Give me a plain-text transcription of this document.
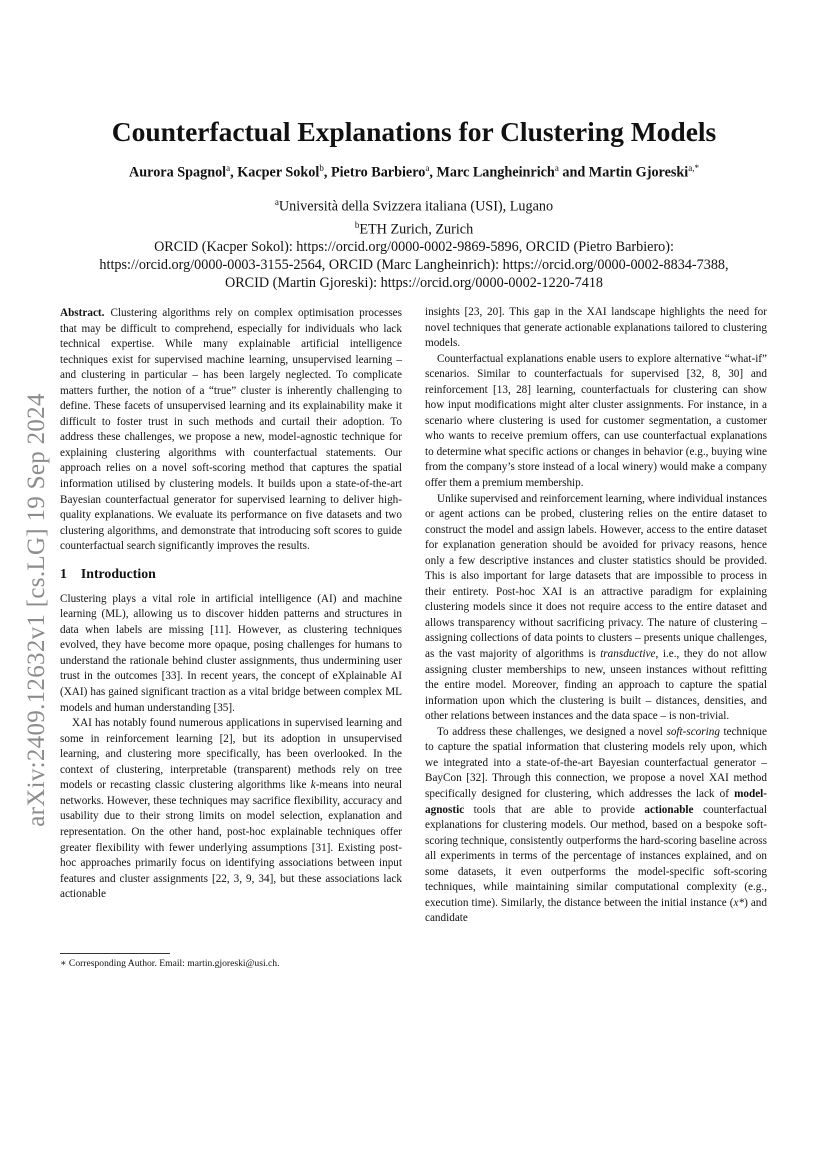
arXiv:2409.12632v1 [cs.LG] 19 Sep 2024
Counterfactual Explanations for Clustering Models
Aurora Spagnol$^a$, Kacper Sokol$^b$, Pietro Barbiero$^a$, Marc Langheinrich$^a$ and Martin Gjoreski$^{a,*}$
$^a$Università della Svizzera italiana (USI), Lugano
$^b$ETH Zurich, Zurich
ORCID (Kacper Sokol): https://orcid.org/0000-0002-9869-5896, ORCID (Pietro Barbiero):
https://orcid.org/0000-0003-3155-2564, ORCID (Marc Langheinrich): https://orcid.org/0000-0002-8834-7388,
ORCID (Martin Gjoreski): https://orcid.org/0000-0002-1220-7418

Abstract. Clustering algorithms rely on complex optimisation processes that may be difficult to comprehend, especially for individuals who lack technical expertise. While many explainable artificial intelligence techniques exist for supervised machine learning, unsupervised learning – and clustering in particular – has been largely neglected. To complicate matters further, the notion of a “true” cluster is inherently challenging to define. These facets of unsupervised learning and its explainability make it difficult to foster trust in such methods and curtail their adoption. To address these challenges, we propose a new, model-agnostic technique for explaining clustering algorithms with counterfactual statements. Our approach relies on a novel soft-scoring method that captures the spatial information utilised by clustering models. It builds upon a state-of-the-art Bayesian counterfactual generator for supervised learning to deliver high-quality explanations. We evaluate its performance on five datasets and two clustering algorithms, and demonstrate that introducing soft scores to guide counterfactual search significantly improves the results.

1 Introduction

Clustering plays a vital role in artificial intelligence (AI) and machine learning (ML), allowing us to discover hidden patterns and structures in data when labels are missing [11]. However, as clustering techniques evolved, they have become more opaque, posing challenges for humans to understand the rationale behind cluster assignments, thus undermining user trust in the outcomes [33]. In recent years, the concept of eXplainable AI (XAI) has gained significant traction as a vital bridge between complex ML models and human understanding [35].

XAI has notably found numerous applications in supervised learning and some in reinforcement learning [2], but its adoption in unsupervised learning, and clustering more specifically, has been overlooked. In the context of clustering, interpretable (transparent) methods rely on tree models or recasting classic clustering algorithms like k-means into neural networks. However, these techniques may sacrifice flexibility, accuracy and usability due to their strong limits on model selection, explanation and representation. On the other hand, post-hoc explainable techniques offer greater flexibility with fewer underlying assumptions [31]. Existing post-hoc approaches primarily focus on identifying associations between input features and cluster assignments [22, 3, 9, 34], but these associations lack actionable

∗ Corresponding Author. Email: martin.gjoreski@usi.ch.

insights [23, 20]. This gap in the XAI landscape highlights the need for novel techniques that generate actionable explanations tailored to clustering models.

Counterfactual explanations enable users to explore alternative “what-if” scenarios. Similar to counterfactuals for supervised [32, 8, 30] and reinforcement [13, 28] learning, counterfactuals for clustering can show how input modifications might alter cluster assignments. For instance, in a scenario where clustering is used for customer segmentation, a customer who wants to receive premium offers, can use counterfactual explanations to determine what specific actions or changes in behavior (e.g., buying wine from the company’s store instead of a local winery) would make a company offer them a premium membership.

Unlike supervised and reinforcement learning, where individual instances or agent actions can be probed, clustering relies on the entire dataset to construct the model and assign labels. However, access to the entire dataset for explanation generation should be avoided for privacy reasons, hence only a few descriptive instances and cluster statistics should be provided. This is also important for large datasets that are impossible to process in their entirety. Post-hoc XAI is an attractive paradigm for explaining clustering models since it does not require access to the entire dataset and allows transparency without sacrificing privacy. The nature of clustering – assigning collections of data points to clusters – presents unique challenges, as the vast majority of algorithms is transductive, i.e., they do not allow assigning cluster memberships to new, unseen instances without refitting the entire model. Moreover, finding an approach to capture the spatial information upon which the clustering is built – distances, densities, and other relations between instances and the data space – is non-trivial.

To address these challenges, we designed a novel soft-scoring technique to capture the spatial information that clustering models rely upon, which we integrated into a state-of-the-art Bayesian counterfactual generator – BayCon [32]. Through this connection, we propose a novel XAI method specifically designed for clustering, which addresses the lack of model-agnostic tools that are able to provide actionable counterfactual explanations for clustering models. Our method, based on a bespoke soft-scoring technique, consistently outperforms the hard-scoring baseline across all experiments in terms of the percentage of instances explained, and on some datasets, it even outperforms the model-specific soft-scoring techniques, while maintaining similar computational complexity (e.g., execution time). Similarly, the distance between the initial instance (x*) and candidate
